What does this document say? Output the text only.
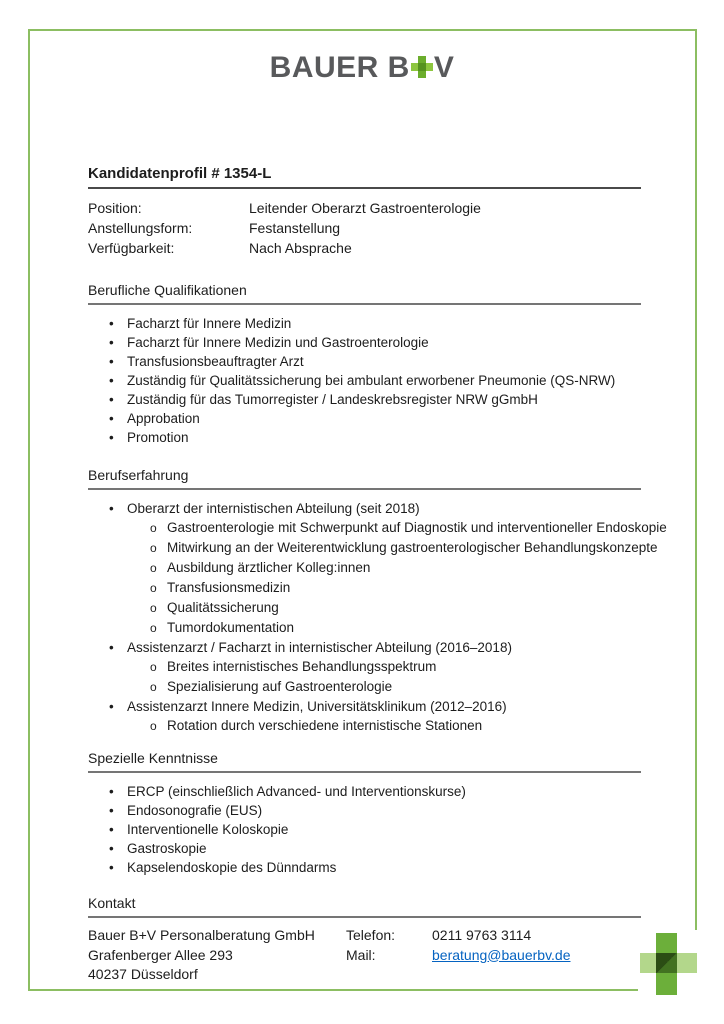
BAUER B V
Kandidatenprofil # 1354-L
Position:	Leitender Oberarzt Gastroenterologie
Anstellungsform:	Festanstellung
Verfügbarkeit:	Nach Absprache
Berufliche Qualifikationen
• Facharzt für Innere Medizin
• Facharzt für Innere Medizin und Gastroenterologie
• Transfusionsbeauftragter Arzt
• Zuständig für Qualitätssicherung bei ambulant erworbener Pneumonie (QS-NRW)
• Zuständig für das Tumorregister / Landeskrebsregister NRW gGmbH
• Approbation
• Promotion
Berufserfahrung
• Oberarzt der internistischen Abteilung (seit 2018)
o Gastroenterologie mit Schwerpunkt auf Diagnostik und interventioneller Endoskopie
o Mitwirkung an der Weiterentwicklung gastroenterologischer Behandlungskonzepte
o Ausbildung ärztlicher Kolleg:innen
o Transfusionsmedizin
o Qualitätssicherung
o Tumordokumentation
• Assistenzarzt / Facharzt in internistischer Abteilung (2016–2018)
o Breites internistisches Behandlungsspektrum
o Spezialisierung auf Gastroenterologie
• Assistenzarzt Innere Medizin, Universitätsklinikum (2012–2016)
o Rotation durch verschiedene internistische Stationen
Spezielle Kenntnisse
• ERCP (einschließlich Advanced- und Interventionskurse)
• Endosonografie (EUS)
• Interventionelle Koloskopie
• Gastroskopie
• Kapselendoskopie des Dünndarms
Kontakt
Bauer B+V Personalberatung GmbH	Telefon:	0211 9763 3114
Grafenberger Allee 293	Mail:	beratung@bauerbv.de
40237 Düsseldorf
